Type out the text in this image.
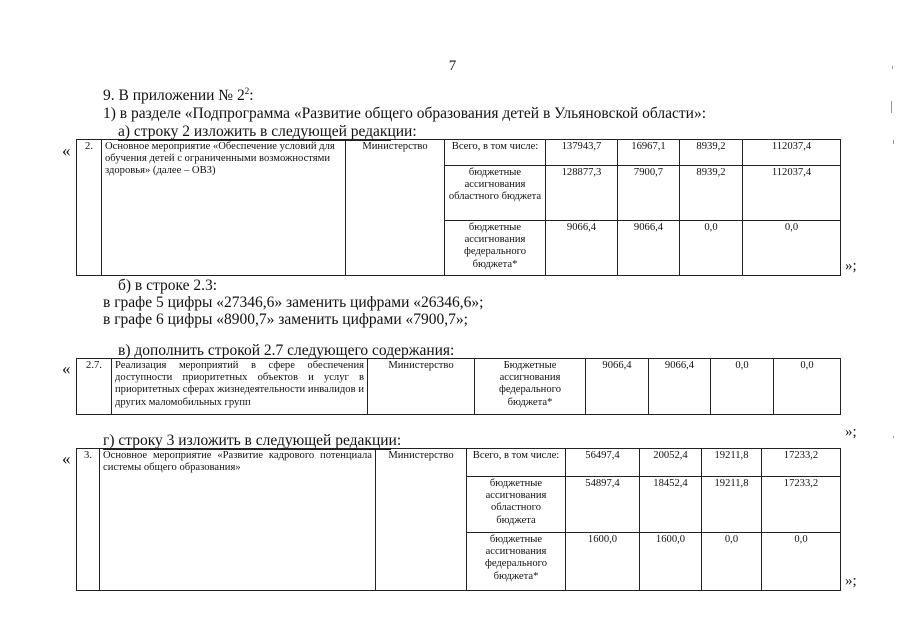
7
9. В приложении № $2^2$:
1) в разделе «Подпрограмма «Развитие общего образования детей в Ульяновской области»:
а) строку 2 изложить в следующей редакции:
« 2.	Основное мероприятие «Обеспечение условий для обучения детей с ограниченными возможностями здоровья» (далее – ОВЗ)	Министерство	Всего, в том числе:	137943,7	16967,1	8939,2	112037,4
			бюджетные ассигнования областного бюджета	128877,3	7900,7	8939,2	112037,4
			бюджетные ассигнования федерального бюджета*	9066,4	9066,4	0,0	0,0
»;
б) в строке 2.3:
в графе 5 цифры «27346,6» заменить цифрами «26346,6»;
в графе 6 цифры «8900,7» заменить цифрами «7900,7»;
в) дополнить строкой 2.7 следующего содержания:
« 2.7.	Реализация мероприятий в сфере обеспечения доступности приоритетных объектов и услуг в приоритетных сферах жизнедеятельности инвалидов и других маломобильных групп	Министерство	Бюджетные ассигнования федерального бюджета*	9066,4	9066,4	0,0	0,0
»;
г) строку 3 изложить в следующей редакции:
« 3.	Основное мероприятие «Развитие кадрового потенциала системы общего образования»	Министерство	Всего, в том числе:	56497,4	20052,4	19211,8	17233,2
			бюджетные ассигнования областного бюджета	54897,4	18452,4	19211,8	17233,2
			бюджетные ассигнования федерального бюджета*	1600,0	1600,0	0,0	0,0
»;
